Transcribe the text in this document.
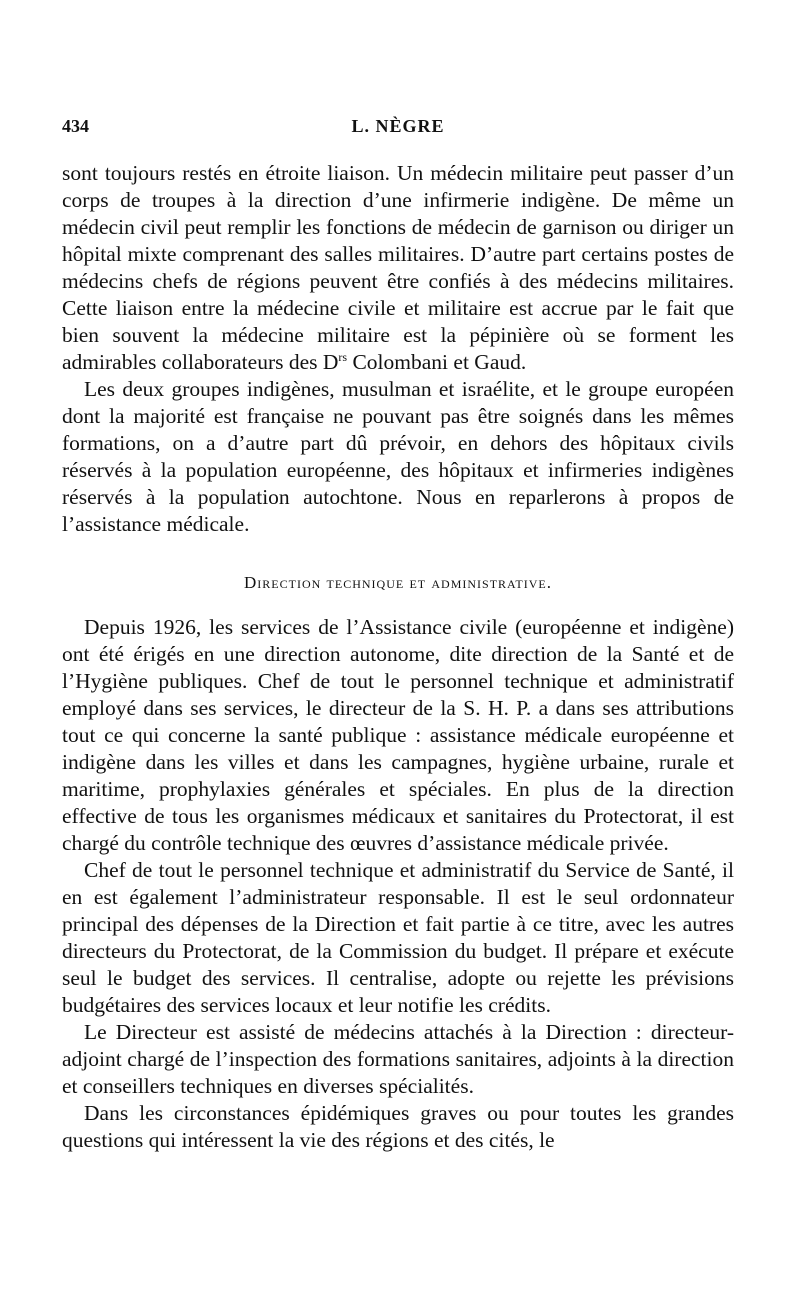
434	L. NÈGRE

sont toujours restés en étroite liaison. Un médecin militaire peut passer d’un corps de troupes à la direction d’une infirmerie indigène. De même un médecin civil peut remplir les fonctions de médecin de garnison ou diriger un hôpital mixte comprenant des salles militaires. D’autre part certains postes de médecins chefs de régions peuvent être confiés à des médecins militaires. Cette liaison entre la médecine civile et militaire est accrue par le fait que bien souvent la médecine militaire est la pépinière où se forment les admirables collaborateurs des $D^{rs}$ Colombani et Gaud.

Les deux groupes indigènes, musulman et israélite, et le groupe européen dont la majorité est française ne pouvant pas être soignés dans les mêmes formations, on a d’autre part dû prévoir, en dehors des hôpitaux civils réservés à la population européenne, des hôpitaux et infirmeries indigènes réservés à la population autochtone. Nous en reparlerons à propos de l’assistance médicale.

Direction technique et administrative.

Depuis 1926, les services de l’Assistance civile (européenne et indigène) ont été érigés en une direction autonome, dite direction de la Santé et de l’Hygiène publiques. Chef de tout le personnel technique et administratif employé dans ses services, le directeur de la S. H. P. a dans ses attributions tout ce qui concerne la santé publique : assistance médicale européenne et indigène dans les villes et dans les campagnes, hygiène urbaine, rurale et maritime, prophylaxies générales et spéciales. En plus de la direction effective de tous les organismes médicaux et sanitaires du Protectorat, il est chargé du contrôle technique des œuvres d’assistance médicale privée.

Chef de tout le personnel technique et administratif du Service de Santé, il en est également l’administrateur responsable. Il est le seul ordonnateur principal des dépenses de la Direction et fait partie à ce titre, avec les autres directeurs du Protectorat, de la Commission du budget. Il prépare et exécute seul le budget des services. Il centralise, adopte ou rejette les prévisions budgétaires des services locaux et leur notifie les crédits.

Le Directeur est assisté de médecins attachés à la Direction : directeur-adjoint chargé de l’inspection des formations sanitaires, adjoints à la direction et conseillers techniques en diverses spécialités.

Dans les circonstances épidémiques graves ou pour toutes les grandes questions qui intéressent la vie des régions et des cités, le
